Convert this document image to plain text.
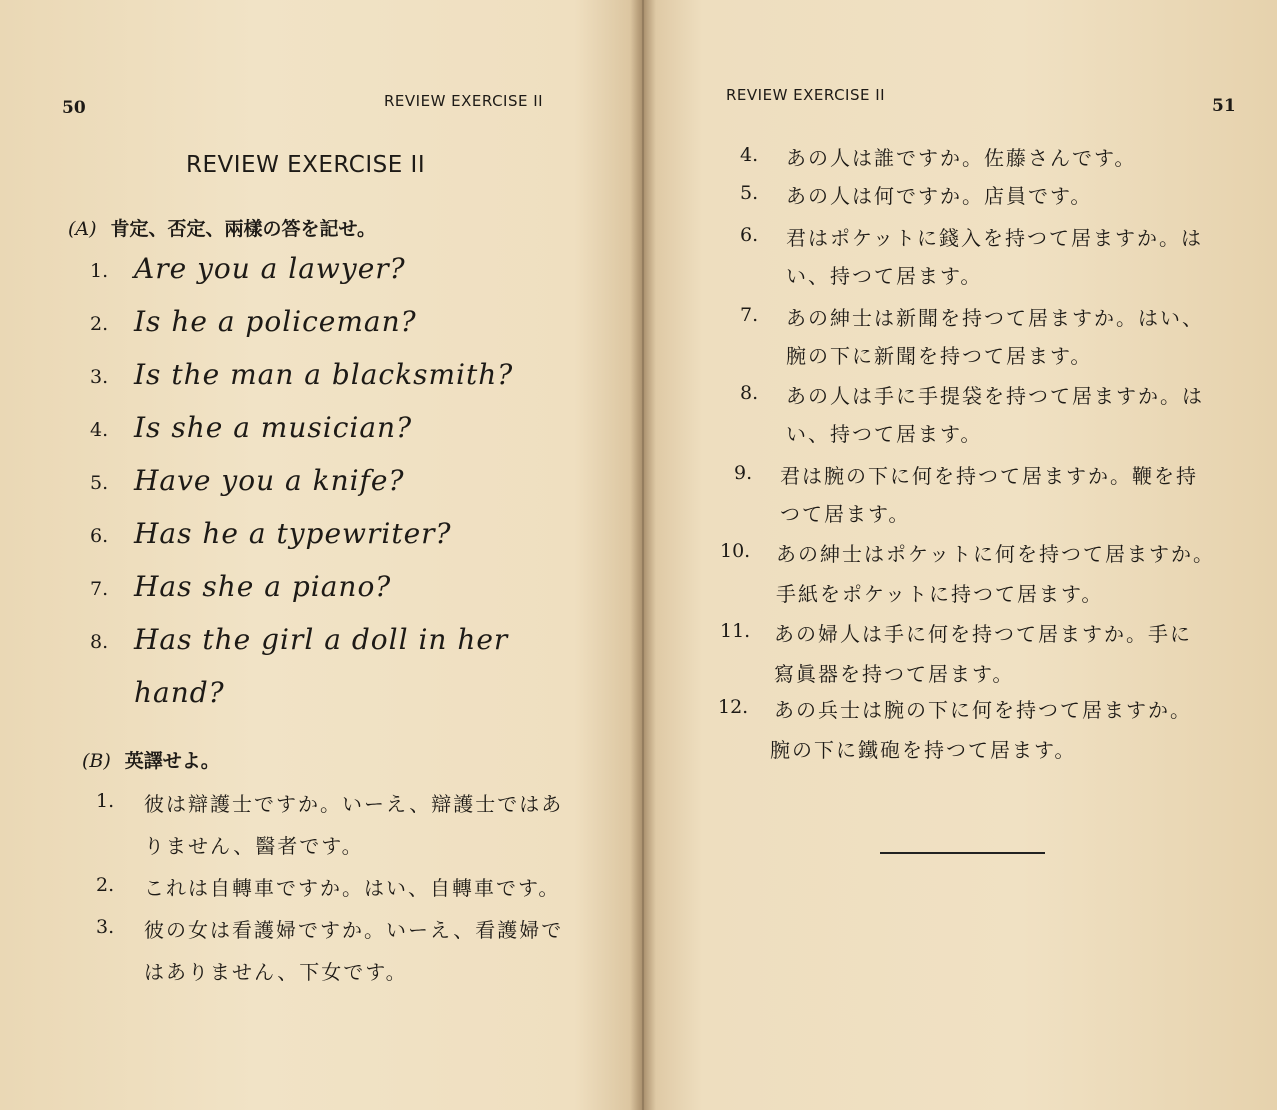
50	REVIEW EXERCISE II
REVIEW EXERCISE II
(A) 肯定、否定、兩樣の答を記せ。
1. Are you a lawyer?
2. Is he a policeman?
3. Is the man a blacksmith?
4. Is she a musician?
5. Have you a knife?
6. Has he a typewriter?
7. Has she a piano?
8. Has the girl a doll in her
hand?
(B) 英譯せよ。
1. 彼は辯護士ですか。いーえ、辯護士ではあ
りません、醫者です。
2. これは自轉車ですか。はい、自轉車です。
3. 彼の女は看護婦ですか。いーえ、看護婦で
はありません、下女です。
REVIEW EXERCISE II
51
4. あの人は誰ですか。佐藤さんです。
5. あの人は何ですか。店員です。
6. 君はポケットに錢入を持つて居ますか。は
い、持つて居ます。
7. あの紳士は新聞を持つて居ますか。はい、
腕の下に新聞を持つて居ます。
8. あの人は手に手提袋を持つて居ますか。は
い、持つて居ます。
9. 君は腕の下に何を持つて居ますか。鞭を持
つて居ます。
10. あの紳士はポケットに何を持つて居ますか。
手紙をポケットに持つて居ます。
11. あの婦人は手に何を持つて居ますか。手に
寫眞器を持つて居ます。
12. あの兵士は腕の下に何を持つて居ますか。
腕の下に鐵砲を持つて居ます。
